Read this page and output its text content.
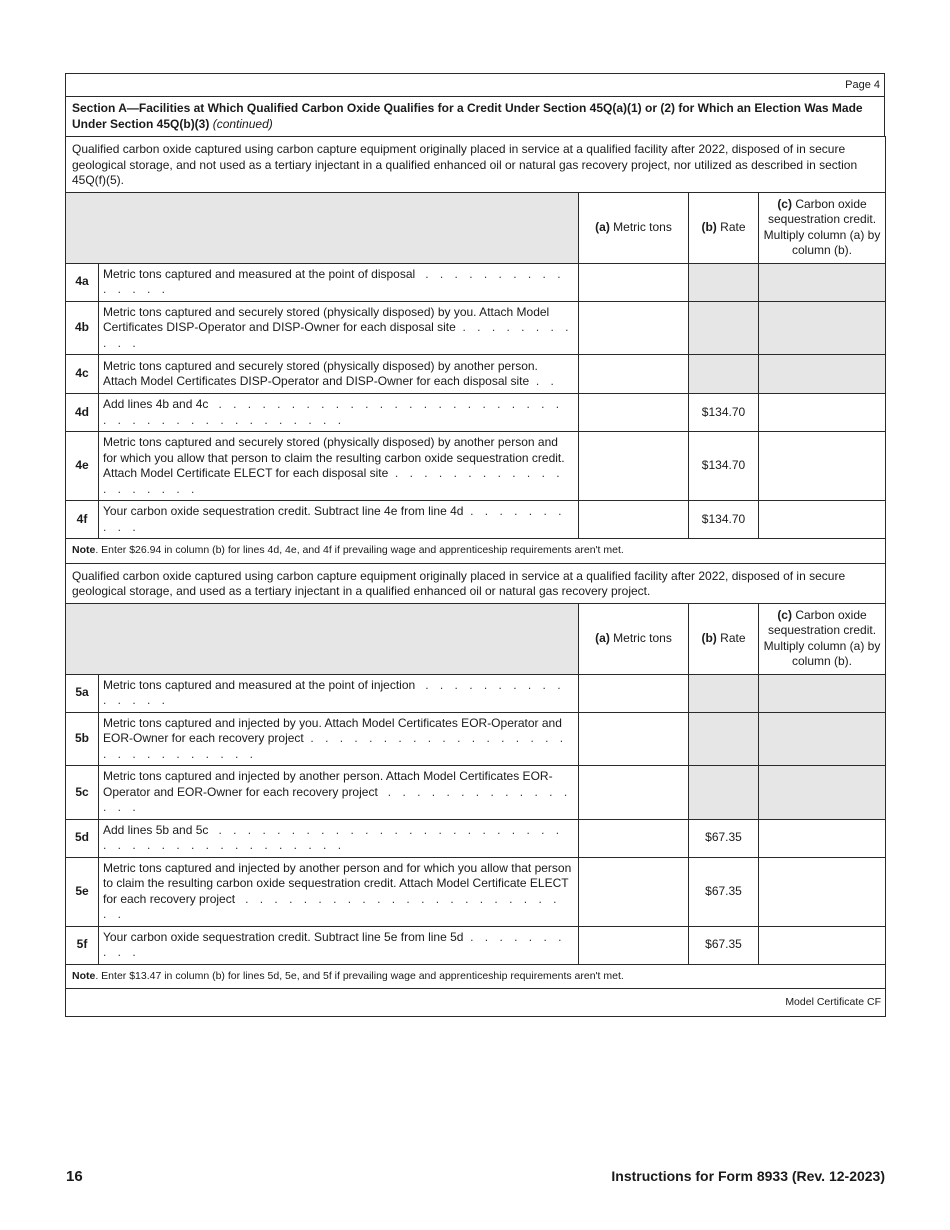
Page 4
Section A—Facilities at Which Qualified Carbon Oxide Qualifies for a Credit Under Section 45Q(a)(1) or (2) for Which an Election Was Made Under Section 45Q(b)(3) (continued)
Qualified carbon oxide captured using carbon capture equipment originally placed in service at a qualified facility after 2022, disposed of in secure geological storage, and not used as a tertiary injectant in a qualified enhanced oil or natural gas recovery project, nor utilized as described in section 45Q(f)(5).				
		(a) Metric tons	(b) Rate	(c) Carbon oxide sequestration credit. Multiply column (a) by column (b).
4a	Metric tons captured and measured at the point of disposal . . . . . . . . . . . . . . .			
4b	Metric tons captured and securely stored (physically disposed) by you. Attach Model Certificates DISP-Operator and DISP-Owner for each disposal site . . . . . . . . . . .			
4c	Metric tons captured and securely stored (physically disposed) by another person. Attach Model Certificates DISP-Operator and DISP-Owner for each disposal site . .			
4d	Add lines 4b and 4c . . . . . . . . . . . . . . . . . . . . . . . . . . . . . . . . . . . . . . . . .		$134.70	
4e	Metric tons captured and securely stored (physically disposed) by another person and for which you allow that person to claim the resulting carbon oxide sequestration credit. Attach Model Certificate ELECT for each disposal site . . . . . . . . . . . . . . . . . . .		$134.70	
4f	Your carbon oxide sequestration credit. Subtract line 4e from line 4d . . . . . . . . . .		$134.70	
Note. Enter $26.94 in column (b) for lines 4d, 4e, and 4f if prevailing wage and apprenticeship requirements aren't met.				
Qualified carbon oxide captured using carbon capture equipment originally placed in service at a qualified facility after 2022, disposed of in secure geological storage, and used as a tertiary injectant in a qualified enhanced oil or natural gas recovery project.				
		(a) Metric tons	(b) Rate	(c) Carbon oxide sequestration credit. Multiply column (a) by column (b).
5a	Metric tons captured and measured at the point of injection . . . . . . . . . . . . . . .			
5b	Metric tons captured and injected by you. Attach Model Certificates EOR-Operator and EOR-Owner for each recovery project . . . . . . . . . . . . . . . . . . . . . . . . . . . . .			
5c	Metric tons captured and injected by another person. Attach Model Certificates EOR-Operator and EOR-Owner for each recovery project . . . . . . . . . . . . . . . .			
5d	Add lines 5b and 5c . . . . . . . . . . . . . . . . . . . . . . . . . . . . . . . . . . . . . . . . .		$67.35	
5e	Metric tons captured and injected by another person and for which you allow that person to claim the resulting carbon oxide sequestration credit. Attach Model Certificate ELECT for each recovery project . . . . . . . . . . . . . . . . . . . . . . . .		$67.35	
5f	Your carbon oxide sequestration credit. Subtract line 5e from line 5d . . . . . . . . . .		$67.35	
Note. Enter $13.47 in column (b) for lines 5d, 5e, and 5f if prevailing wage and apprenticeship requirements aren't met.				
Model Certificate CF				
16	Instructions for Form 8933 (Rev. 12-2023)
